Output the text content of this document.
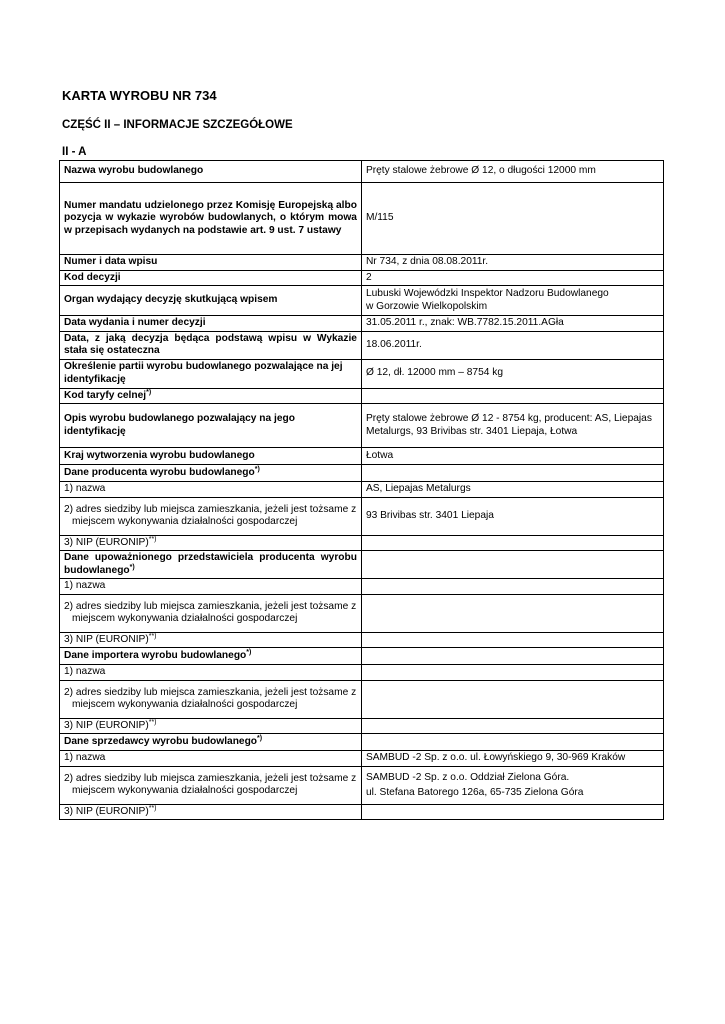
KARTA WYROBU NR 734
CZĘŚĆ II – INFORMACJE SZCZEGÓŁOWE
II - A
Nazwa wyrobu budowlanego	Pręty stalowe żebrowe Ø 12, o długości 12000 mm
Numer mandatu udzielonego przez Komisję Europejską albo pozycja w wykazie wyrobów budowlanych, o którym mowa w przepisach wydanych na podstawie art. 9 ust. 7 ustawy	M/115
Numer i data wpisu	Nr 734, z dnia 08.08.2011r.
Kod decyzji	2
Organ wydający decyzję skutkującą wpisem	Lubuski Wojewódzki Inspektor Nadzoru Budowlanego
w Gorzowie Wielkopolskim

Data wydania i numer decyzji	31.05.2011 r., znak: WB.7782.15.2011.AGła
Data, z jaką decyzja będąca podstawą wpisu w Wykazie stała się ostateczna	18.06.2011r.
Określenie partii wyrobu budowlanego pozwalające na jej identyfikację	Ø 12, dł. 12000 mm – 8754 kg
Kod taryfy celnej*)	
Opis wyrobu budowlanego pozwalający na jego identyfikację	Pręty stalowe żebrowe Ø 12 - 8754 kg, producent: AS, Liepajas Metalurgs, 93 Brivibas str. 3401 Liepaja, Łotwa
Kraj wytworzenia wyrobu budowlanego	Łotwa
Dane producenta wyrobu budowlanego*)	
1) nazwa	AS, Liepajas Metalurgs
2) adres siedziby lub miejsca zamieszkania, jeżeli jest tożsame z miejscem wykonywania działalności gospodarczej	93 Brivibas str. 3401 Liepaja
3) NIP (EURONIP)**)	
Dane upoważnionego przedstawiciela producenta wyrobu budowlanego*)	
1) nazwa	
2) adres siedziby lub miejsca zamieszkania, jeżeli jest tożsame z miejscem wykonywania działalności gospodarczej	
3) NIP (EURONIP)**)	
Dane importera wyrobu budowlanego*)	
1) nazwa	
2) adres siedziby lub miejsca zamieszkania, jeżeli jest tożsame z miejscem wykonywania działalności gospodarczej	
3) NIP (EURONIP)**)	
Dane sprzedawcy wyrobu budowlanego*)	
1) nazwa	SAMBUD -2 Sp. z o.o. ul. Łowyńskiego 9, 30-969 Kraków
2) adres siedziby lub miejsca zamieszkania, jeżeli jest tożsame z miejscem wykonywania działalności gospodarczej	SAMBUD -2 Sp. z o.o. Oddział Zielona Góra.
ul. Stefana Batorego 126a, 65-735 Zielona Góra

3) NIP (EURONIP)**)	
